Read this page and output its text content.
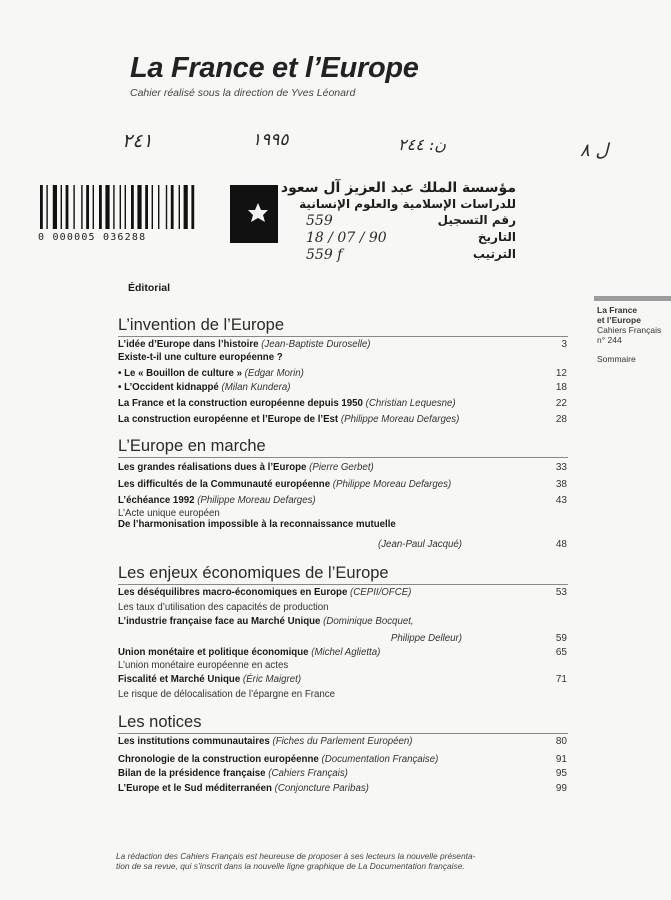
La France et l’Europe
Cahier réalisé sous la direction de Yves Léonard
٢٤١	١٩٩٥	ن: ٢٤٤	ل ٨
0 000005 036288
مؤسسة الملك عبد العزيز آل سعود
للدراسات الإسلامية والعلوم الإنسانية
رقم التسجيل
559
التاريخ
18 / 07 / 90
الترتيب
559 f
Éditorial
La France
et l’Europe
Cahiers Français
n° 244
Sommaire
L’invention de l’Europe
L’idée d’Europe dans l’histoire (Jean-Baptiste Duroselle)	3
Existe-t-il une culture européenne ?
• Le « Bouillon de culture » (Edgar Morin)	12
• L’Occident kidnappé (Milan Kundera)	18
La France et la construction européenne depuis 1950 (Christian Lequesne)	22
La construction européenne et l’Europe de l’Est (Philippe Moreau Defarges)	28
L’Europe en marche
Les grandes réalisations dues à l’Europe (Pierre Gerbet)	33
Les difficultés de la Communauté européenne (Philippe Moreau Defarges)	38
L’échéance 1992 (Philippe Moreau Defarges)	43
L’Acte unique européen
De l’harmonisation impossible à la reconnaissance mutuelle
(Jean-Paul Jacqué)	48
Les enjeux économiques de l’Europe
Les déséquilibres macro-économiques en Europe (CEPII/OFCE)	53
Les taux d’utilisation des capacités de production
L’industrie française face au Marché Unique (Dominique Bocquet,
Philippe Delleur)	59
Union monétaire et politique économique (Michel Aglietta)	65
L’union monétaire européenne en actes
Fiscalité et Marché Unique (Éric Maigret)	71
Le risque de délocalisation de l’épargne en France
Les notices
Les institutions communautaires (Fiches du Parlement Européen)	80
Chronologie de la construction européenne (Documentation Française)	91
Bilan de la présidence française (Cahiers Français)	95
L’Europe et le Sud méditerranéen (Conjoncture Paribas)	99
La rédaction des Cahiers Français est heureuse de proposer à ses lecteurs la nouvelle présenta-
tion de sa revue, qui s’inscrit dans la nouvelle ligne graphique de La Documentation française.
